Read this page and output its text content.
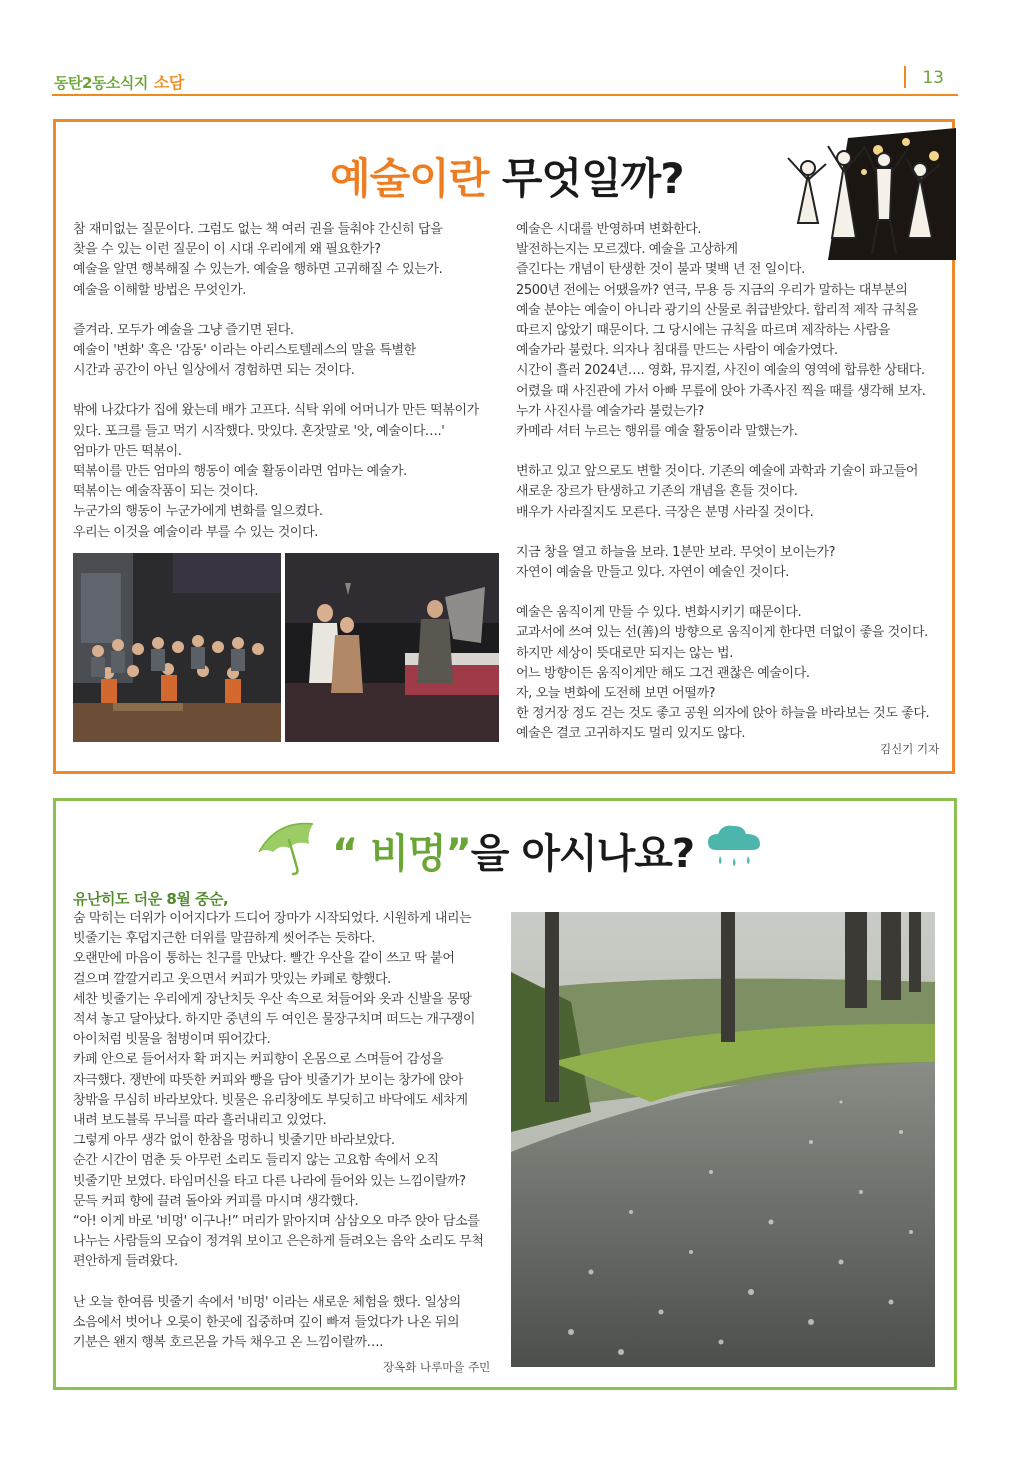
동탄2동소식지 소담	13
예술이란 무엇일까?

참 재미없는 질문이다. 그럼도 없는 책 여러 권을 들춰야 간신히 답을

찾을 수 있는 이런 질문이 이 시대 우리에게 왜 필요한가?

예술을 알면 행복해질 수 있는가. 예술을 행하면 고귀해질 수 있는가.

예술을 이해할 방법은 무엇인가.

즐겨라. 모두가 예술을 그냥 즐기면 된다.

예술이 '변화' 혹은 '감동' 이라는 아리스토텔레스의 말을 특별한

시간과 공간이 아닌 일상에서 경험하면 되는 것이다.

밖에 나갔다가 집에 왔는데 배가 고프다. 식탁 위에 어머니가 만든 떡볶이가

있다. 포크를 들고 먹기 시작했다. 맛있다. 혼잣말로 '앗, 예술이다….'

엄마가 만든 떡볶이.

떡볶이를 만든 엄마의 행동이 예술 활동이라면 엄마는 예술가.

떡볶이는 예술작품이 되는 것이다.

누군가의 행동이 누군가에게 변화를 일으켰다.

우리는 이것을 예술이라 부를 수 있는 것이다.

예술은 시대를 반영하며 변화한다.

발전하는지는 모르겠다. 예술을 고상하게

즐긴다는 개념이 탄생한 것이 불과 몇백 년 전 일이다.

2500년 전에는 어땠을까? 연극, 무용 등 지금의 우리가 말하는 대부분의

예술 분야는 예술이 아니라 광기의 산물로 취급받았다. 합리적 제작 규칙을

따르지 않았기 때문이다. 그 당시에는 규칙을 따르며 제작하는 사람을

예술가라 불렀다. 의자나 침대를 만드는 사람이 예술가였다.

시간이 흘러 2024년…. 영화, 뮤지컬, 사진이 예술의 영역에 합류한 상태다.

어렸을 때 사진관에 가서 아빠 무릎에 앉아 가족사진 찍을 때를 생각해 보자.

누가 사진사를 예술가라 불렀는가?

카메라 셔터 누르는 행위를 예술 활동이라 말했는가.

변하고 있고 앞으로도 변할 것이다. 기존의 예술에 과학과 기술이 파고들어

새로운 장르가 탄생하고 기존의 개념을 흔들 것이다.

배우가 사라질지도 모른다. 극장은 분명 사라질 것이다.

지금 창을 열고 하늘을 보라. 1분만 보라. 무엇이 보이는가?

자연이 예술을 만들고 있다. 자연이 예술인 것이다.

예술은 움직이게 만들 수 있다. 변화시키기 때문이다.

교과서에 쓰여 있는 선(善)의 방향으로 움직이게 한다면 더없이 좋을 것이다.

하지만 세상이 뜻대로만 되지는 않는 법.

어느 방향이든 움직이게만 해도 그건 괜찮은 예술이다.

자, 오늘 변화에 도전해 보면 어떨까?

한 정거장 정도 걷는 것도 좋고 공원 의자에 앉아 하늘을 바라보는 것도 좋다.

예술은 결코 고귀하지도 멀리 있지도 않다.

김신기 기자
“ 비멍”을 아시나요?
유난히도 더운 8월 중순,

숨 막히는 더위가 이어지다가 드디어 장마가 시작되었다. 시원하게 내리는

빗줄기는 후덥지근한 더위를 말끔하게 씻어주는 듯하다.

오랜만에 마음이 통하는 친구를 만났다. 빨간 우산을 같이 쓰고 딱 붙어

걸으며 깔깔거리고 웃으면서 커피가 맛있는 카페로 향했다.

세찬 빗줄기는 우리에게 장난치듯 우산 속으로 쳐들어와 옷과 신발을 몽땅

적셔 놓고 달아났다. 하지만 중년의 두 여인은 물장구치며 떠드는 개구쟁이

아이처럼 빗물을 첨벙이며 뛰어갔다.

카페 안으로 들어서자 확 퍼지는 커피향이 온몸으로 스며들어 감성을

자극했다. 쟁반에 따뜻한 커피와 빵을 담아 빗줄기가 보이는 창가에 앉아

창밖을 무심히 바라보았다. 빗물은 유리창에도 부딪히고 바닥에도 세차게

내려 보도블록 무늬를 따라 흘러내리고 있었다.

그렇게 아무 생각 없이 한참을 멍하니 빗줄기만 바라보았다.

순간 시간이 멈춘 듯 아무런 소리도 들리지 않는 고요함 속에서 오직

빗줄기만 보였다. 타임머신을 타고 다른 나라에 들어와 있는 느낌이랄까?

문득 커피 향에 끌려 돌아와 커피를 마시며 생각했다.

“아! 이게 바로 '비멍' 이구나!” 머리가 맑아지며 삼삼오오 마주 앉아 담소를

나누는 사람들의 모습이 정겨워 보이고 은은하게 들려오는 음악 소리도 무척

편안하게 들려왔다.

난 오늘 한여름 빗줄기 속에서 '비멍' 이라는 새로운 체험을 했다. 일상의

소음에서 벗어나 오롯이 한곳에 집중하며 깊이 빠져 들었다가 나온 뒤의

기분은 왠지 행복 호르몬을 가득 채우고 온 느낌이랄까….

장옥화 나루마을 주민
